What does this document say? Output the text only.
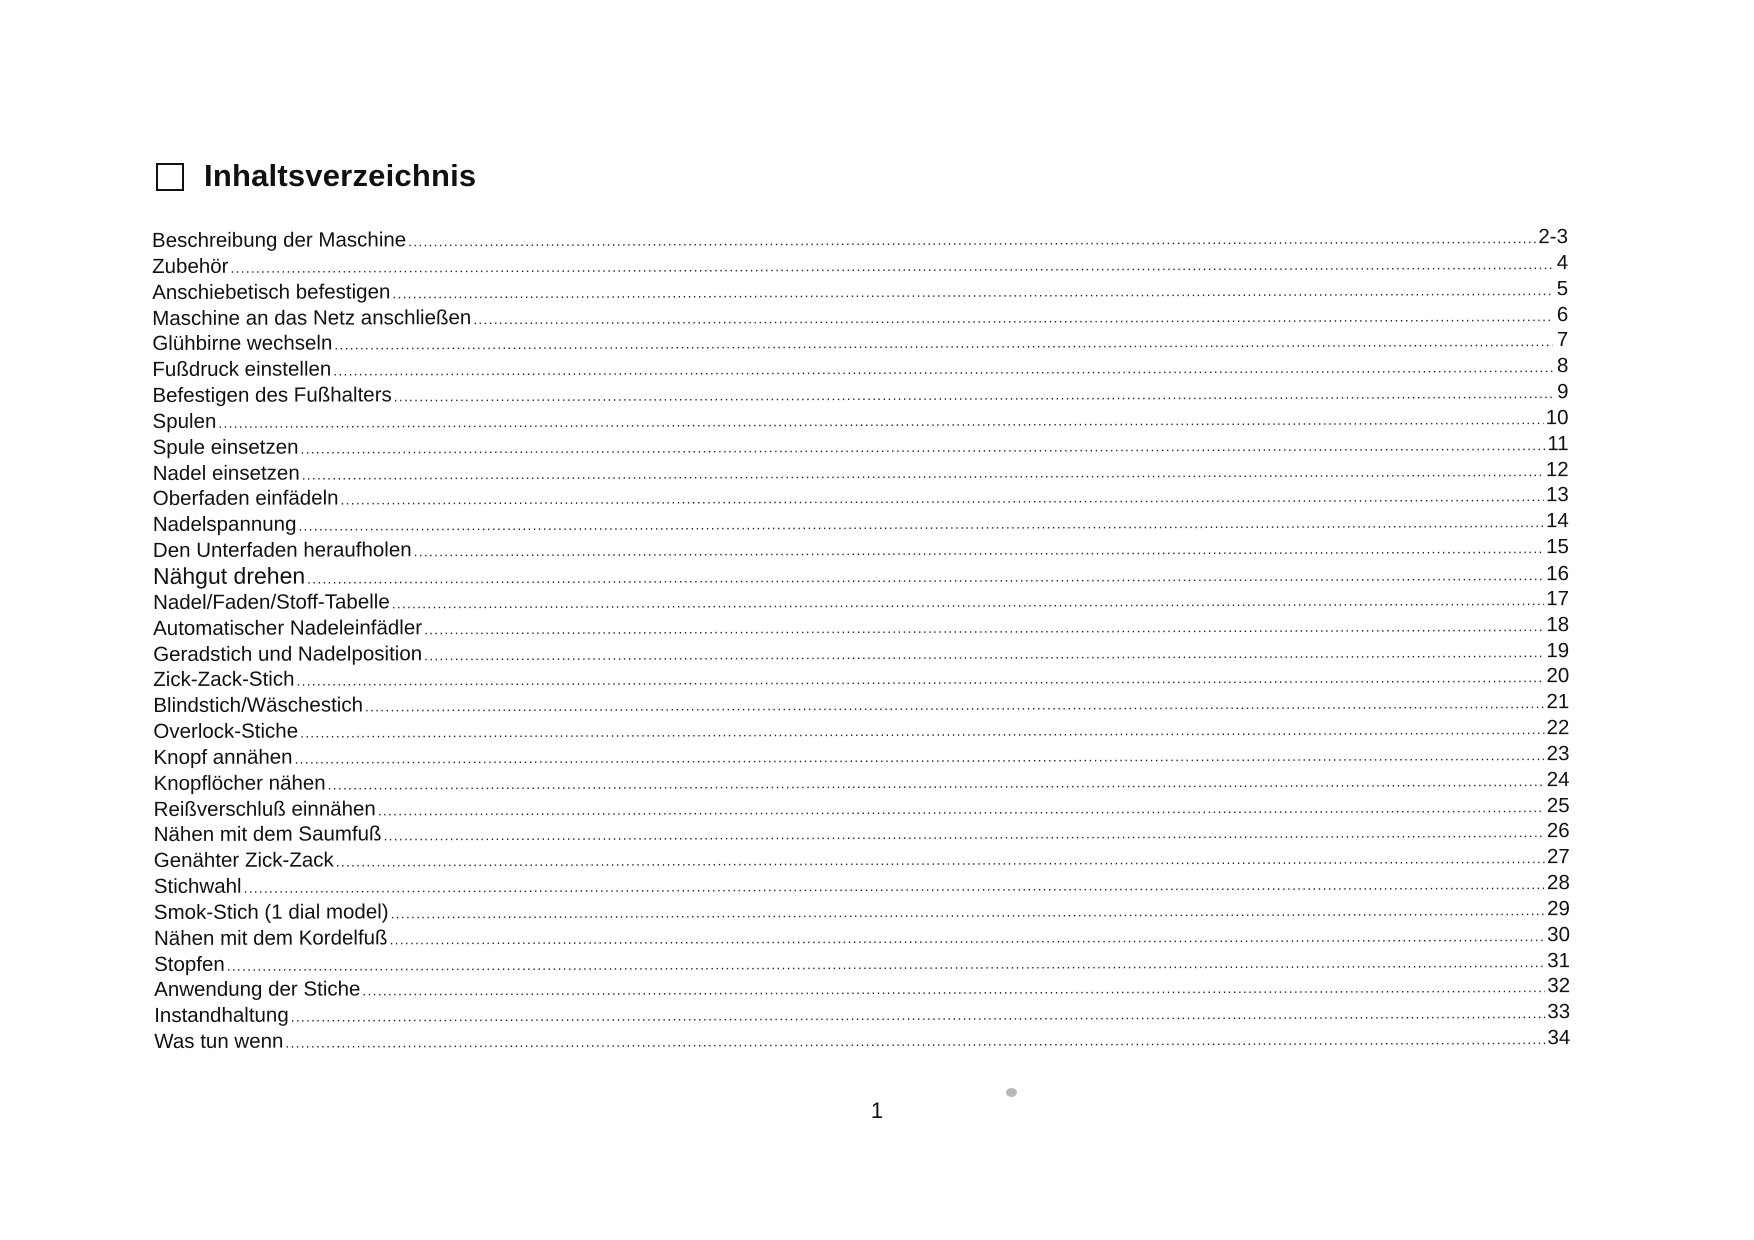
Inhaltsverzeichnis
Beschreibung der Maschine .....	2-3
Zubehör .....	4
Anschiebetisch befestigen .....	5
Maschine an das Netz anschließen .....	6
Glühbirne wechseln .....	7
Fußdruck einstellen .....	8
Befestigen des Fußhalters .....	9
Spulen .....	10
Spule einsetzen .....	11
Nadel einsetzen .....	12
Oberfaden einfädeln .....	13
Nadelspannung .....	14
Den Unterfaden heraufholen .....	15
Nähgut drehen .....	16
Nadel/Faden/Stoff-Tabelle .....	17
Automatischer Nadeleinfädler .....	18
Geradstich und Nadelposition .....	19
Zick-Zack-Stich .....	20
Blindstich/Wäschestich .....	21
Overlock-Stiche .....	22
Knopf annähen .....	23
Knopflöcher nähen .....	24
Reißverschluß einnähen .....	25
Nähen mit dem Saumfuß .....	26
Genähter Zick-Zack .....	27
Stichwahl .....	28
Smok-Stich (1 dial model) .....	29
Nähen mit dem Kordelfuß .....	30
Stopfen .....	31
Anwendung der Stiche .....	32
Instandhaltung .....	33
Was tun wenn .....	34
1
